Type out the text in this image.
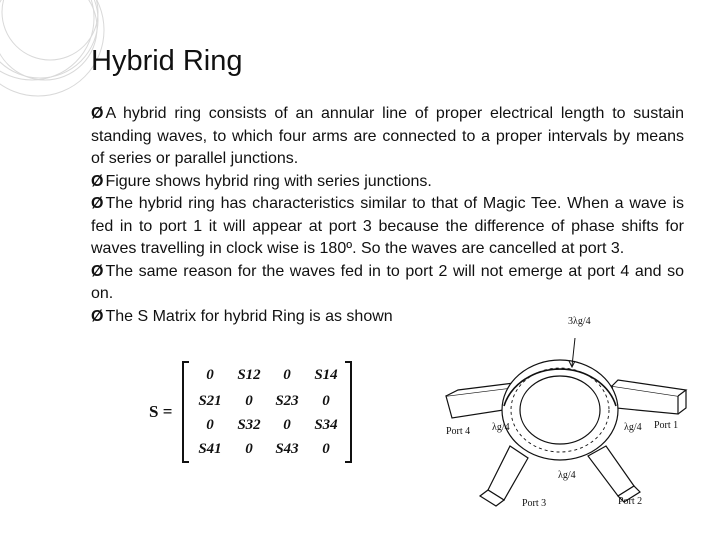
Hybrid Ring

Ø A hybrid ring consists of an annular line of proper electrical length to sustain standing waves, to which four arms are connected to a proper intervals by means of series or parallel junctions.

Ø Figure shows hybrid ring with series junctions.

Ø The hybrid ring has characteristics similar to that of Magic Tee. When a wave is fed in to port 1 it will appear at port 3 because the difference of phase shifts for waves travelling in clock wise is 180º. So the waves are cancelled at port 3.

Ø The same reason for the waves fed in to port 2 will not emerge at port 4 and so on.

Ø The S Matrix for hybrid Ring is as shown

S =
0 S12 0 S14
S21 0 S23 0
0 S32 0 S34
S41 0 S43 0
3λg/4
λg/4	λg/4
λg/4
Port 4
Port 1
Port 3	Port 2
